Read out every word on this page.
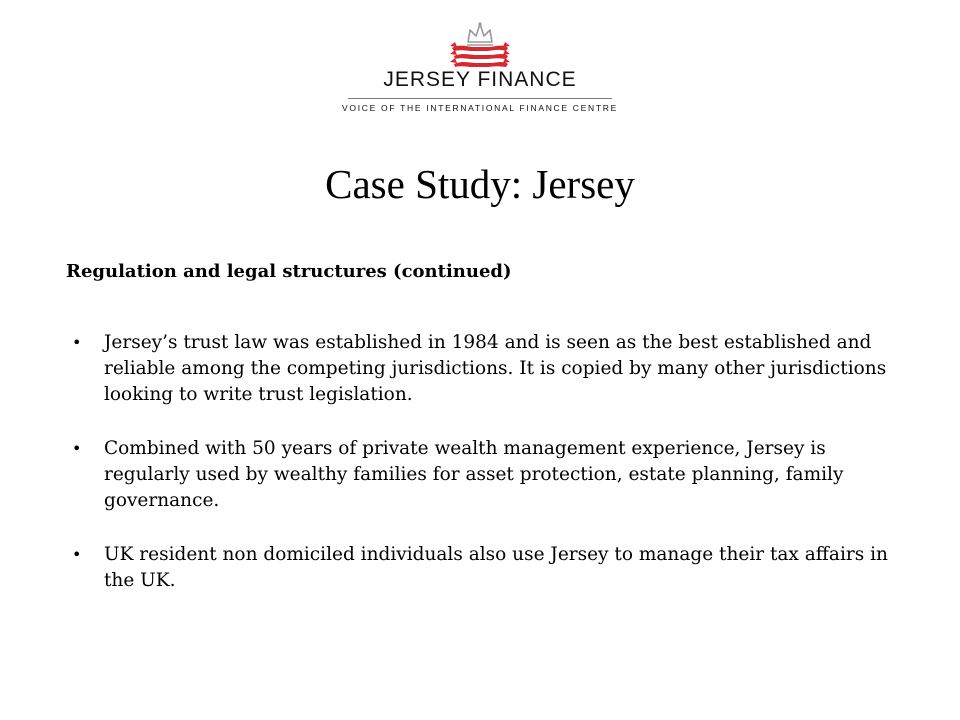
JERSEY FINANCE
VOICE OF THE INTERNATIONAL FINANCE CENTRE
Case Study: Jersey

Regulation and legal structures (continued)

• Jersey’s trust law was established in 1984 and is seen as the best established and reliable among the competing jurisdictions. It is copied by many other jurisdictions looking to write trust legislation.
• Combined with 50 years of private wealth management experience, Jersey is regularly used by wealthy families for asset protection, estate planning, family governance.
• UK resident non domiciled individuals also use Jersey to manage their tax affairs in the UK.
